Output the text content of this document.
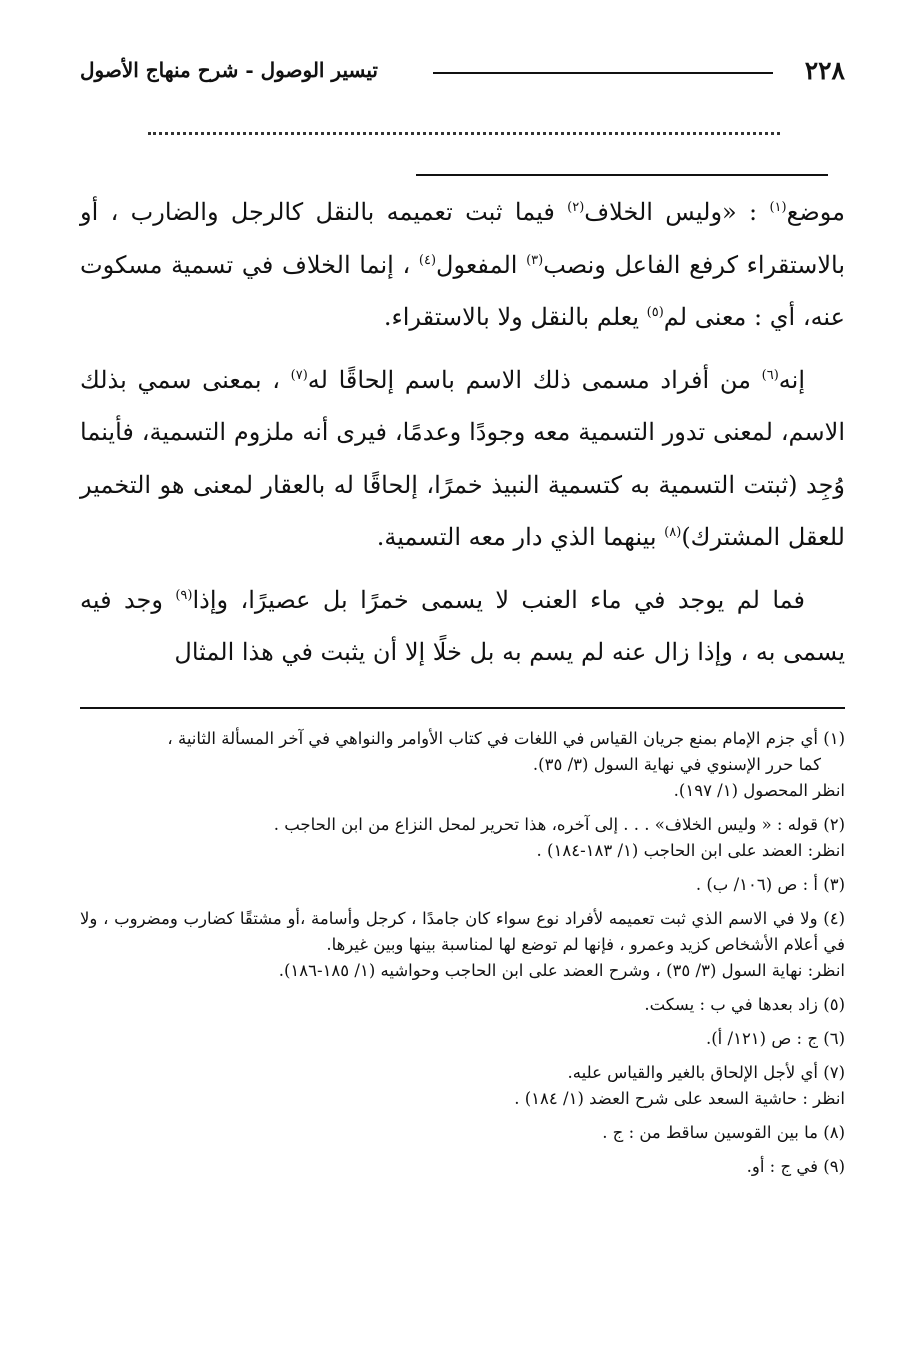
٢٢٨
تيسير الوصول - شرح منهاج الأصول

موضع$^{(١)}$ : «وليس الخلاف$^{(٢)}$ فيما ثبت تعميمه بالنقل كالرجل والضارب ، أو بالاستقراء كرفع الفاعل ونصب$^{(٣)}$ المفعول$^{(٤)}$ ، إنما الخلاف في تسمية مسكوت عنه، أي : معنى لم$^{(٥)}$ يعلم بالنقل ولا بالاستقراء.

إنه$^{(٦)}$ من أفراد مسمى ذلك الاسم باسم إلحاقًا له$^{(٧)}$ ، بمعنى سمي بذلك الاسم، لمعنى تدور التسمية معه وجودًا وعدمًا، فيرى أنه ملزوم التسمية، فأينما وُجِد (ثبتت التسمية به كتسمية النبيذ خمرًا، إلحاقًا له بالعقار لمعنى هو التخمير للعقل المشترك)$^{(٨)}$ بينهما الذي دار معه التسمية.

فما لم يوجد في ماء العنب لا يسمى خمرًا بل عصيرًا، وإذا$^{(٩)}$ وجد فيه يسمى به ، وإذا زال عنه لم يسم به بل خلًا إلا أن يثبت في هذا المثال

(١) أي جزم الإمام بمنع جريان القياس في اللغات في كتاب الأوامر والنواهي في آخر المسألة الثانية ،
كما حرر الإسنوي في نهاية السول (٣/ ٣٥).
انظر المحصول (١/ ١٩٧).
(٢) قوله : « وليس الخلاف» . . . إلى آخره، هذا تحرير لمحل النزاع من ابن الحاجب .
انظر: العضد على ابن الحاجب (١/ ١٨٣-١٨٤) .
(٣) أ : ص (١٠٦/ ب) .
(٤) ولا في الاسم الذي ثبت تعميمه لأفراد نوع سواء كان جامدًا ، كرجل وأسامة ،أو مشتقًا كضارب ومضروب ، ولا في أعلام الأشخاص كزيد وعمرو ، فإنها لم توضع لها لمناسبة بينها وبين غيرها.
انظر: نهاية السول (٣/ ٣٥) ، وشرح العضد على ابن الحاجب وحواشيه (١/ ١٨٥-١٨٦).
(٥) زاد بعدها في ب : يسكت.
(٦) ج : ص (١٢١/ أ).
(٧) أي لأجل الإلحاق بالغير والقياس عليه.
انظر : حاشية السعد على شرح العضد (١/ ١٨٤) .
(٨) ما بين القوسين ساقط من : ج .
(٩) في ج : أو.
